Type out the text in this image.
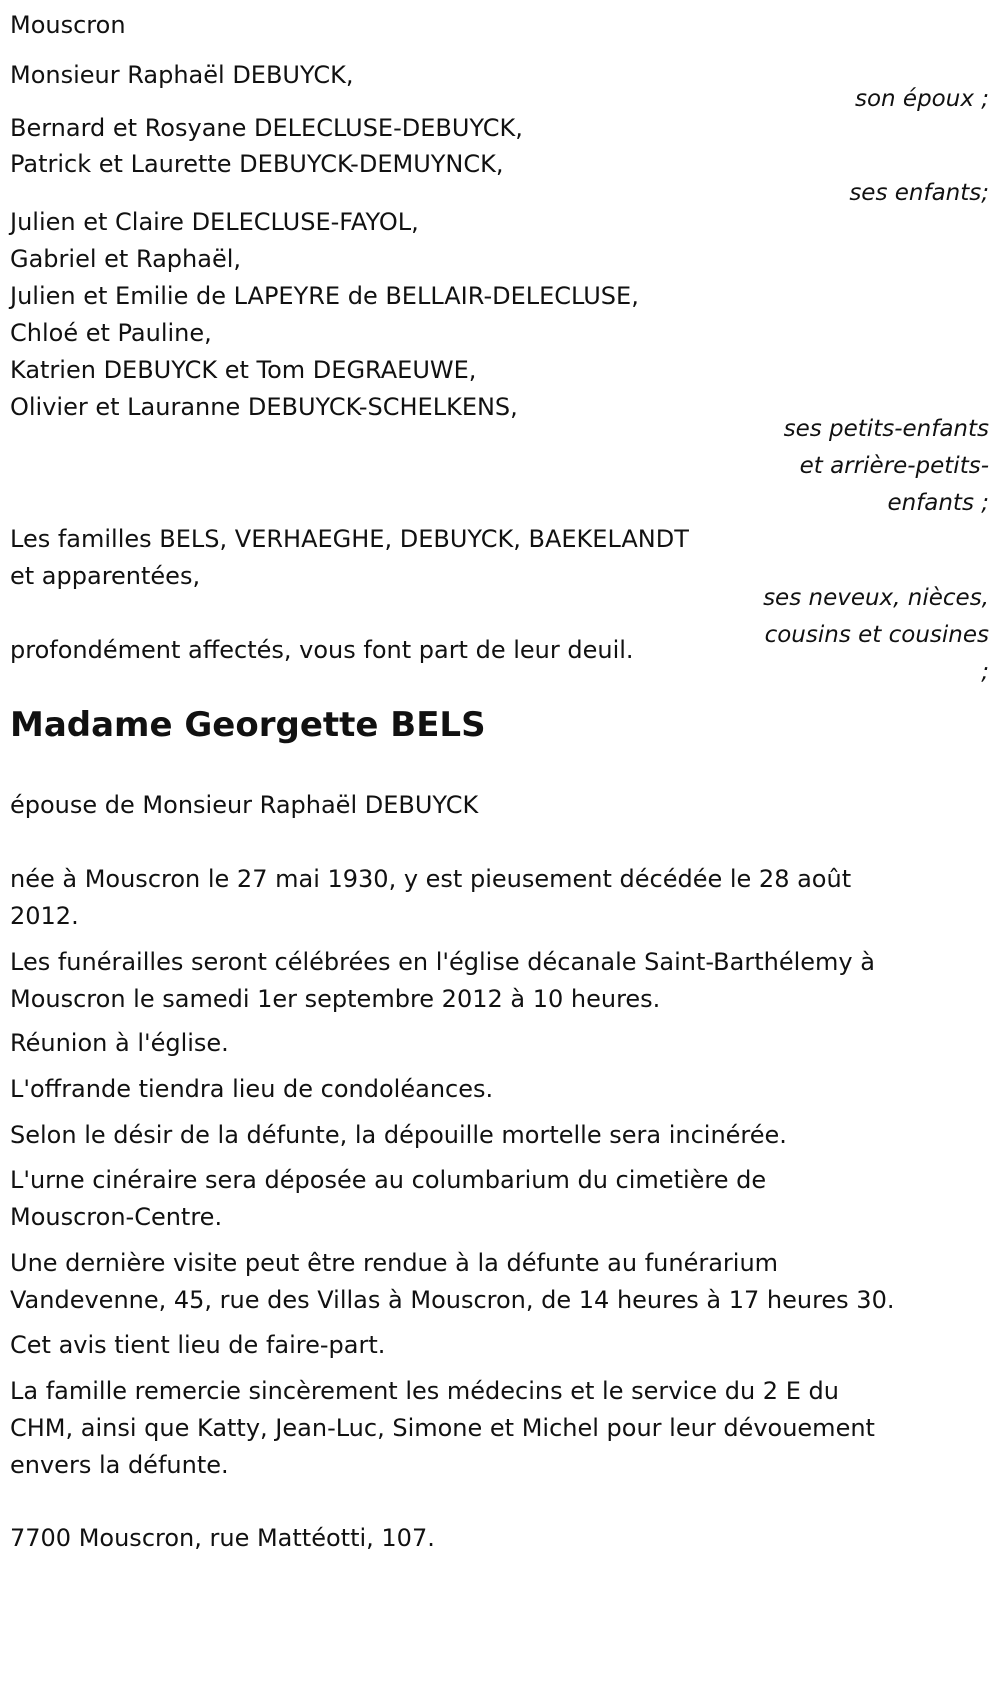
Mouscron
Monsieur Raphaël DEBUYCK,
son époux ;
Bernard et Rosyane DELECLUSE-DEBUYCK,
Patrick et Laurette DEBUYCK-DEMUYNCK,
ses enfants;
Julien et Claire DELECLUSE-FAYOL,
Gabriel et Raphaël,
Julien et Emilie de LAPEYRE de BELLAIR-DELECLUSE,
Chloé et Pauline,
Katrien DEBUYCK et Tom DEGRAEUWE,
Olivier et Lauranne DEBUYCK-SCHELKENS,
ses petits-enfants
et arrière-petits-
enfants ;
Les familles BELS, VERHAEGHE, DEBUYCK, BAEKELANDT
et apparentées,
ses neveux, nièces,
cousins et cousines
;
profondément affectés, vous font part de leur deuil.
Madame Georgette BELS
épouse de Monsieur Raphaël DEBUYCK
née à Mouscron le 27 mai 1930, y est pieusement décédée le 28 août
2012.
Les funérailles seront célébrées en l'église décanale Saint-Barthélemy à
Mouscron le samedi 1er septembre 2012 à 10 heures.
Réunion à l'église.
L'offrande tiendra lieu de condoléances.
Selon le désir de la défunte, la dépouille mortelle sera incinérée.
L'urne cinéraire sera déposée au columbarium du cimetière de
Mouscron-Centre.
Une dernière visite peut être rendue à la défunte au funérarium
Vandevenne, 45, rue des Villas à Mouscron, de 14 heures à 17 heures 30.
Cet avis tient lieu de faire-part.
La famille remercie sincèrement les médecins et le service du 2 E du
CHM, ainsi que Katty, Jean-Luc, Simone et Michel pour leur dévouement
envers la défunte.
7700 Mouscron, rue Mattéotti, 107.
